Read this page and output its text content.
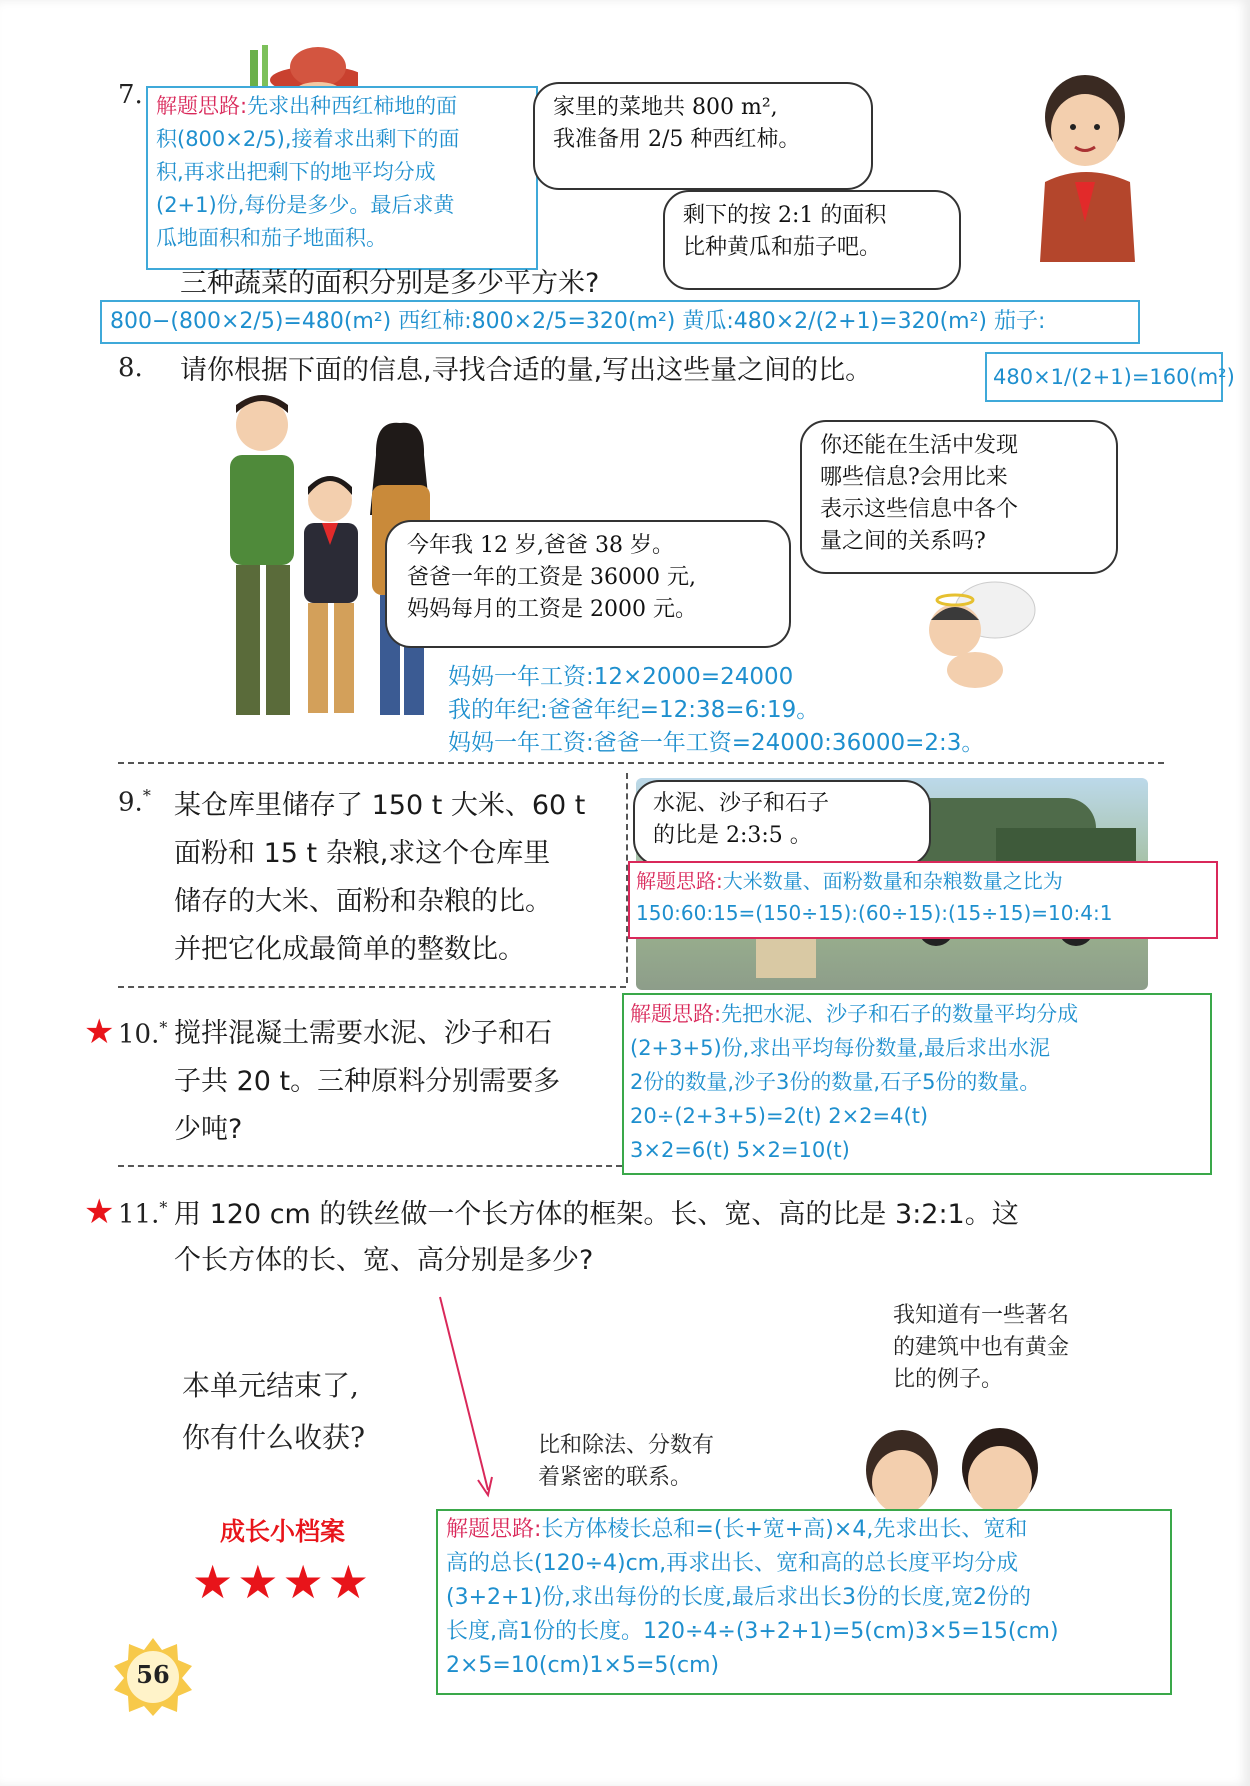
7. 解题思路:先求出种西红柿地的面
积(800×2/5),接着求出剩下的面
积,再求出把剩下的地平均分成
(2+1)份,每份是多少。最后求黄
瓜地面积和茄子地面积。
家里的菜地共 800 m²,
我准备用 2/5 种西红柿。
剩下的按 2:1 的面积
比种黄瓜和茄子吧。
三种蔬菜的面积分别是多少平方米?
800−(800×2/5)=480(m²) 西红柿:800×2/5=320(m²) 黄瓜:480×2/(2+1)=320(m²) 茄子:
480×1/(2+1)=160(m²)
8. 请你根据下面的信息,寻找合适的量,写出这些量之间的比。
今年我 12 岁,爸爸 38 岁。
爸爸一年的工资是 36000 元,
妈妈每月的工资是 2000 元。
你还能在生活中发现
哪些信息?会用比来
表示这些信息中各个
量之间的关系吗?
妈妈一年工资:12×2000=24000
我的年纪:爸爸年纪=12:38=6:19。
妈妈一年工资:爸爸一年工资=24000:36000=2:3。
9.* 某仓库里储存了 150 t 大米、60 t
面粉和 15 t 杂粮,求这个仓库里
储存的大米、面粉和杂粮的比。
并把它化成最简单的整数比。
水泥、沙子和石子
的比是 2:3:5 。
解题思路:大米数量、面粉数量和杂粮数量之比为
150:60:15=(150÷15):(60÷15):(15÷15)=10:4:1
★ 10.* 搅拌混凝土需要水泥、沙子和石
子共 20 t。三种原料分别需要多
少吨?
解题思路:先把水泥、沙子和石子的数量平均分成
(2+3+5)份,求出平均每份数量,最后求出水泥
2份的数量,沙子3份的数量,石子5份的数量。
20÷(2+3+5)=2(t) 2×2=4(t)
3×2=6(t) 5×2=10(t)
★ 11.* 用 120 cm 的铁丝做一个长方体的框架。长、宽、高的比是 3:2:1。这
个长方体的长、宽、高分别是多少?
本单元结束了,
你有什么收获?	比和除法、分数有
着紧密的联系。
我知道有一些著名
的建筑中也有黄金
比的例子。
成长小档案
★★★★
解题思路:长方体棱长总和=(长+宽+高)×4,先求出长、宽和
高的总长(120÷4)cm,再求出长、宽和高的总长度平均分成
(3+2+1)份,求出每份的长度,最后求出长3份的长度,宽2份的
长度,高1份的长度。120÷4÷(3+2+1)=5(cm)3×5=15(cm)
2×5=10(cm)1×5=5(cm)
56
